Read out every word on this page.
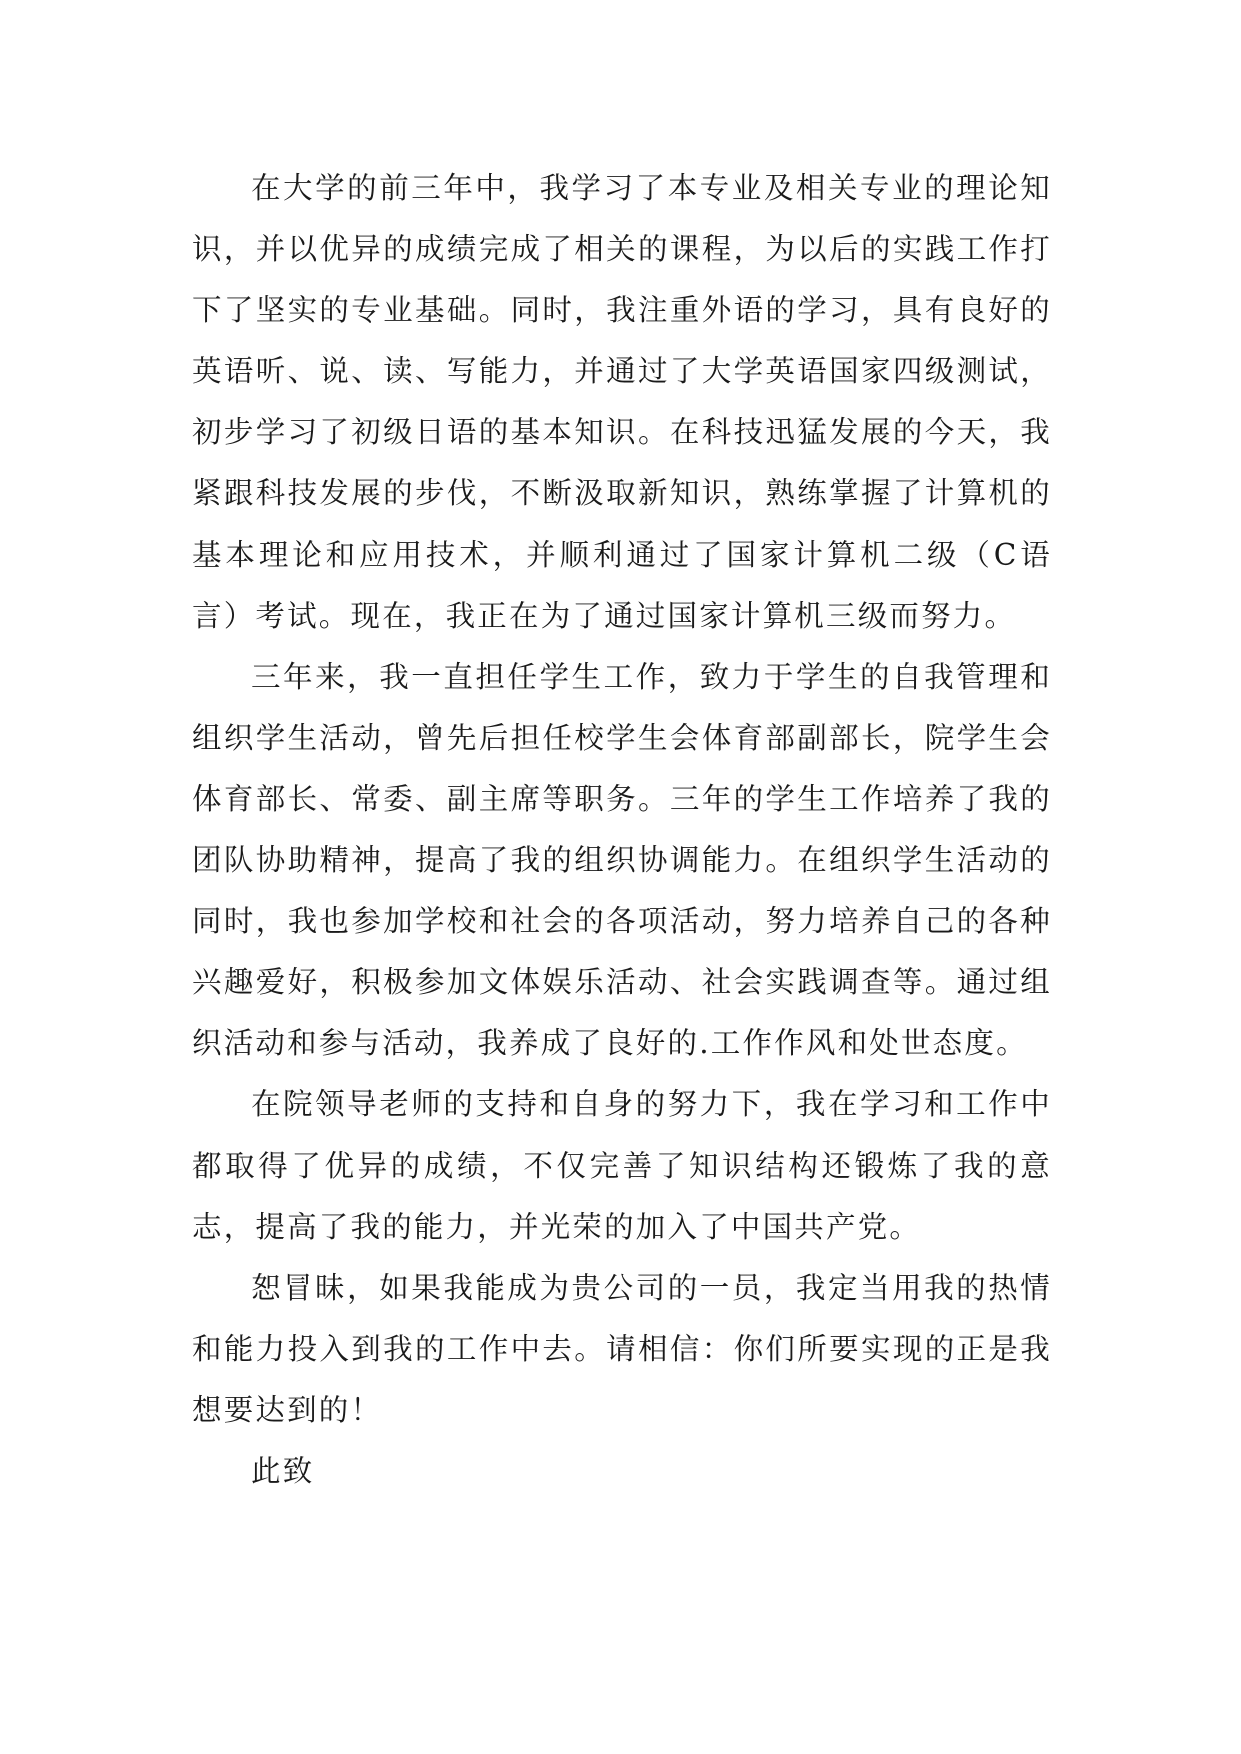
在大学的前三年中，我学习了本专业及相关专业的理论知识，并以优异的成绩完成了相关的课程，为以后的实践工作打下了坚实的专业基础。同时，我注重外语的学习，具有良好的英语听、说、读、写能力，并通过了大学英语国家四级测试，初步学习了初级日语的基本知识。在科技迅猛发展的今天，我紧跟科技发展的步伐，不断汲取新知识，熟练掌握了计算机的基本理论和应用技术，并顺利通过了国家计算机二级（C语言）考试。现在，我正在为了通过国家计算机三级而努力。

三年来，我一直担任学生工作，致力于学生的自我管理和组织学生活动，曾先后担任校学生会体育部副部长，院学生会体育部长、常委、副主席等职务。三年的学生工作培养了我的团队协助精神，提高了我的组织协调能力。在组织学生活动的同时，我也参加学校和社会的各项活动，努力培养自己的各种兴趣爱好，积极参加文体娱乐活动、社会实践调查等。通过组织活动和参与活动，我养成了良好的.工作作风和处世态度。

在院领导老师的支持和自身的努力下，我在学习和工作中都取得了优异的成绩，不仅完善了知识结构还锻炼了我的意志，提高了我的能力，并光荣的加入了中国共产党。

恕冒昧，如果我能成为贵公司的一员，我定当用我的热情和能力投入到我的工作中去。请相信：你们所要实现的正是我想要达到的！

此致
